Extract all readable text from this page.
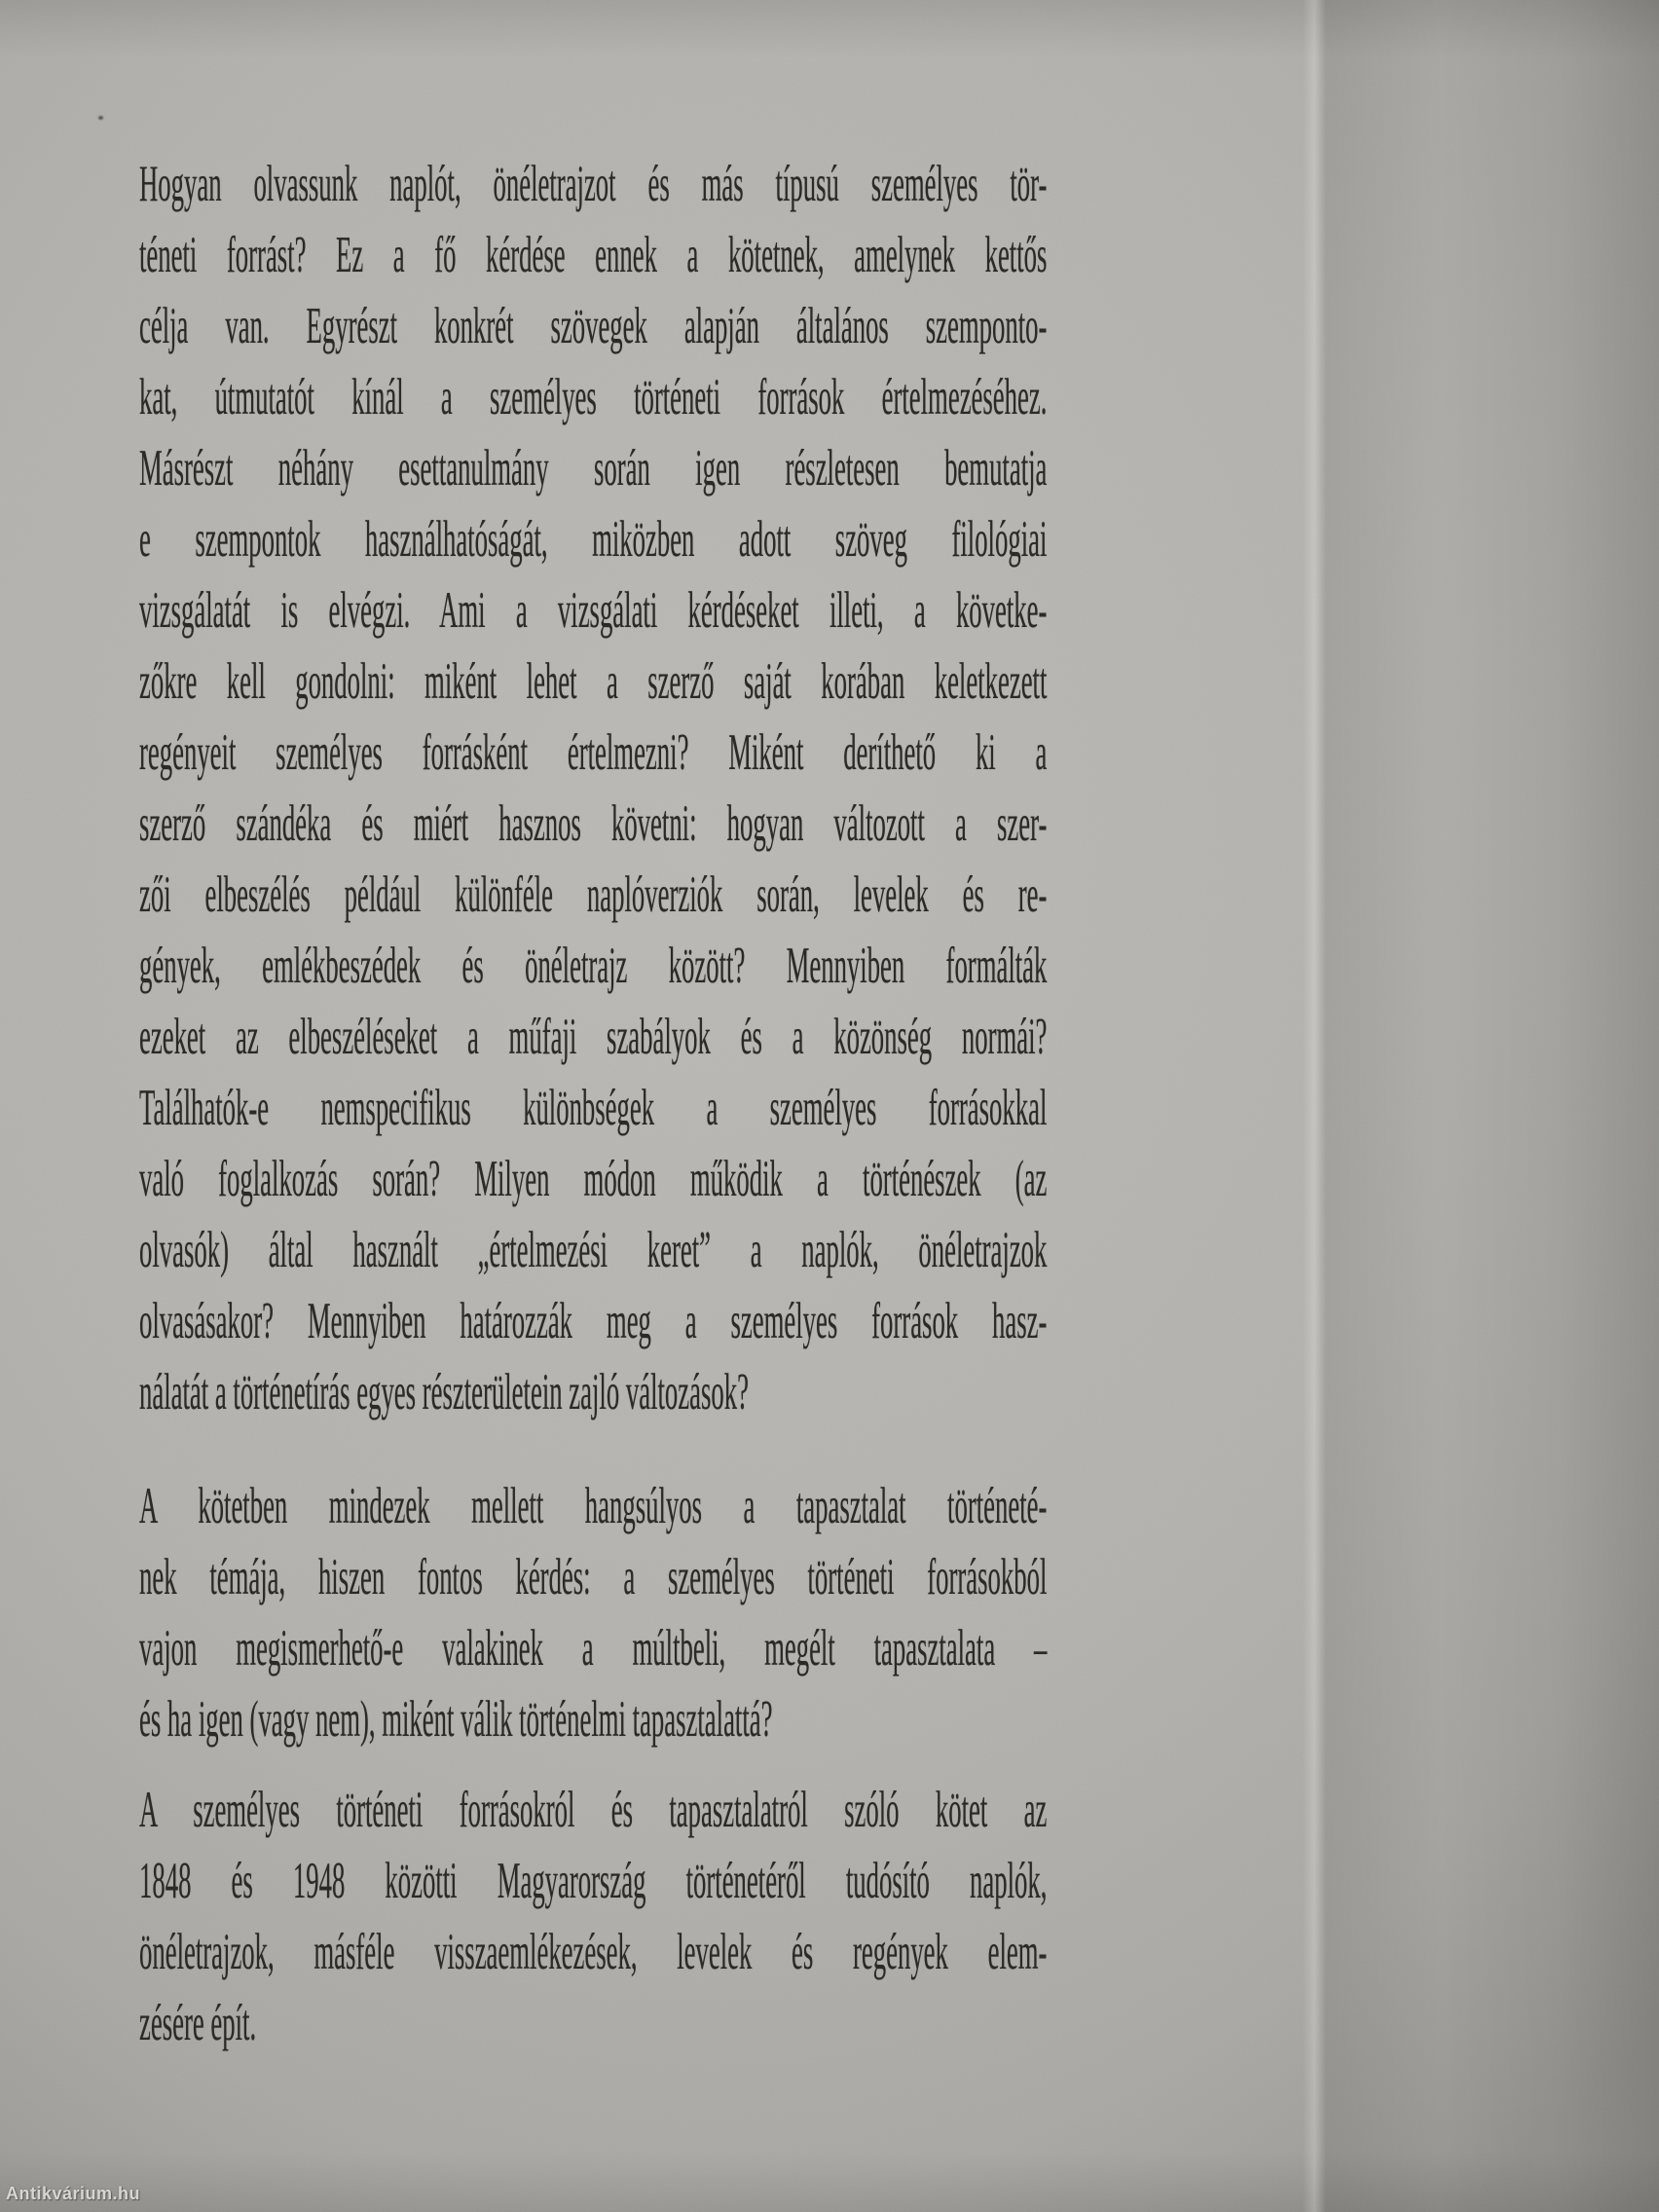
Hogyan olvassunk naplót, önéletrajzot és más típusú személyes tör-
téneti forrást? Ez a fő kérdése ennek a kötetnek, amelynek kettős
célja van. Egyrészt konkrét szövegek alapján általános szemponto-
kat, útmutatót kínál a személyes történeti források értelmezéséhez.
Másrészt néhány esettanulmány során igen részletesen bemutatja
e szempontok használhatóságát, miközben adott szöveg filológiai
vizsgálatát is elvégzi. Ami a vizsgálati kérdéseket illeti, a követke-
zőkre kell gondolni: miként lehet a szerző saját korában keletkezett
regényeit személyes forrásként értelmezni? Miként deríthető ki a
szerző szándéka és miért hasznos követni: hogyan változott a szer-
zői elbeszélés például különféle naplóverziók során, levelek és re-
gények, emlékbeszédek és önéletrajz között? Mennyiben formálták
ezeket az elbeszéléseket a műfaji szabályok és a közönség normái?
Találhatók-e nemspecifikus különbségek a személyes forrásokkal
való foglalkozás során? Milyen módon működik a történészek (az
olvasók) által használt „értelmezési keret” a naplók, önéletrajzok
olvasásakor? Mennyiben határozzák meg a személyes források hasz-
nálatát a történetírás egyes részterületein zajló változások?
A kötetben mindezek mellett hangsúlyos a tapasztalat történeté-
nek témája, hiszen fontos kérdés: a személyes történeti forrásokból
vajon megismerhető-e valakinek a múltbeli, megélt tapasztalata –
és ha igen (vagy nem), miként válik történelmi tapasztalattá?
A személyes történeti forrásokról és tapasztalatról szóló kötet az
1848 és 1948 közötti Magyarország történetéről tudósító naplók,
önéletrajzok, másféle visszaemlékezések, levelek és regények elem-
zésére épít.
Antikvárium.hu
